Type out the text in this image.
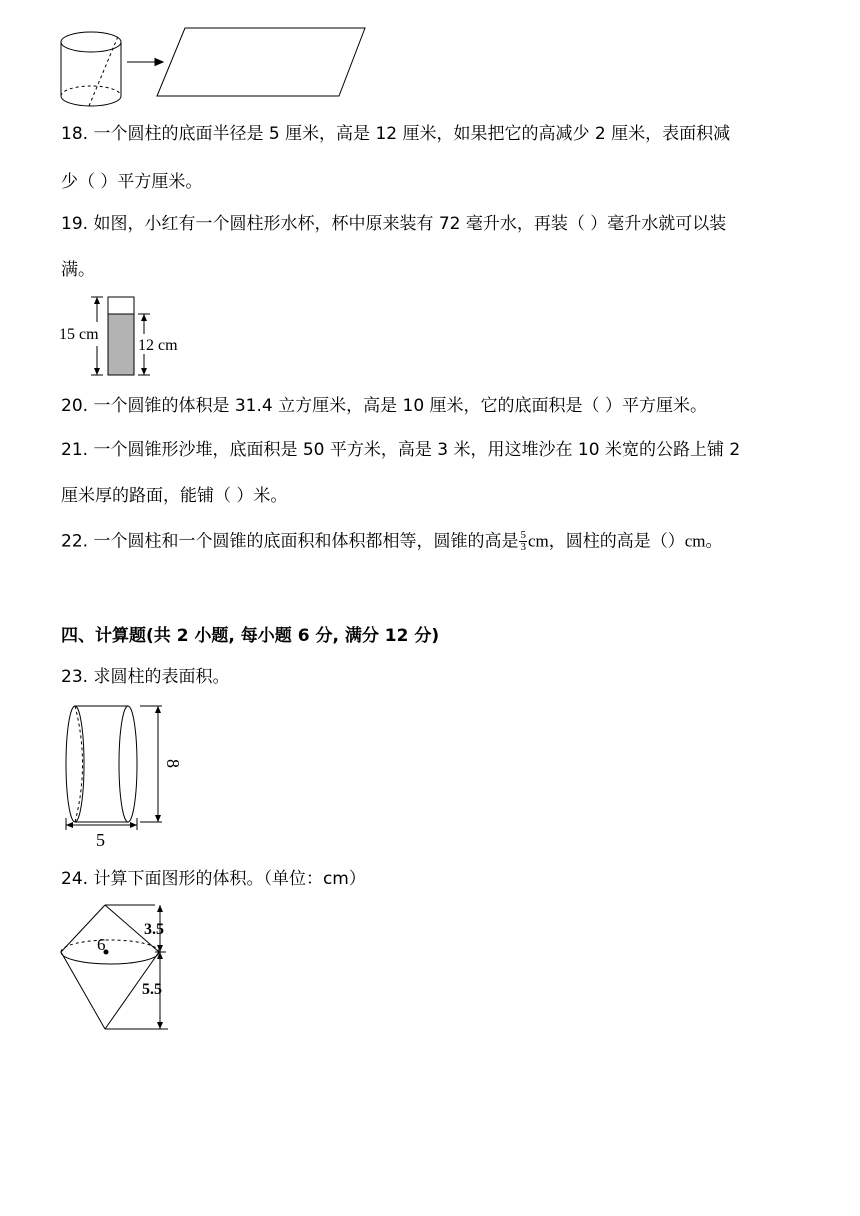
18. 一个圆柱的底面半径是 5 厘米，高是 12 厘米，如果把它的高减少 2 厘米，表面积减
少（ ）平方厘米。
19. 如图，小红有一个圆柱形水杯，杯中原来装有 72 毫升水，再装（ ）毫升水就可以装
满。
15 cm
12 cm
20. 一个圆锥的体积是 31.4 立方厘米，高是 10 厘米，它的底面积是（ ）平方厘米。
21. 一个圆锥形沙堆，底面积是 50 平方米，高是 3 米，用这堆沙在 10 米宽的公路上铺 2
厘米厚的路面，能铺（ ）米。
22. 一个圆柱和一个圆锥的底面积和体积都相等，圆锥的高是 $\frac{5}{3}$ cm，圆柱的高是（）cm。
四、计算题(共 2 小题, 每小题 6 分, 满分 12 分)
23. 求圆柱的表面积。
8
5
24. 计算下面图形的体积。（单位：cm）
6
3.5
5.5
